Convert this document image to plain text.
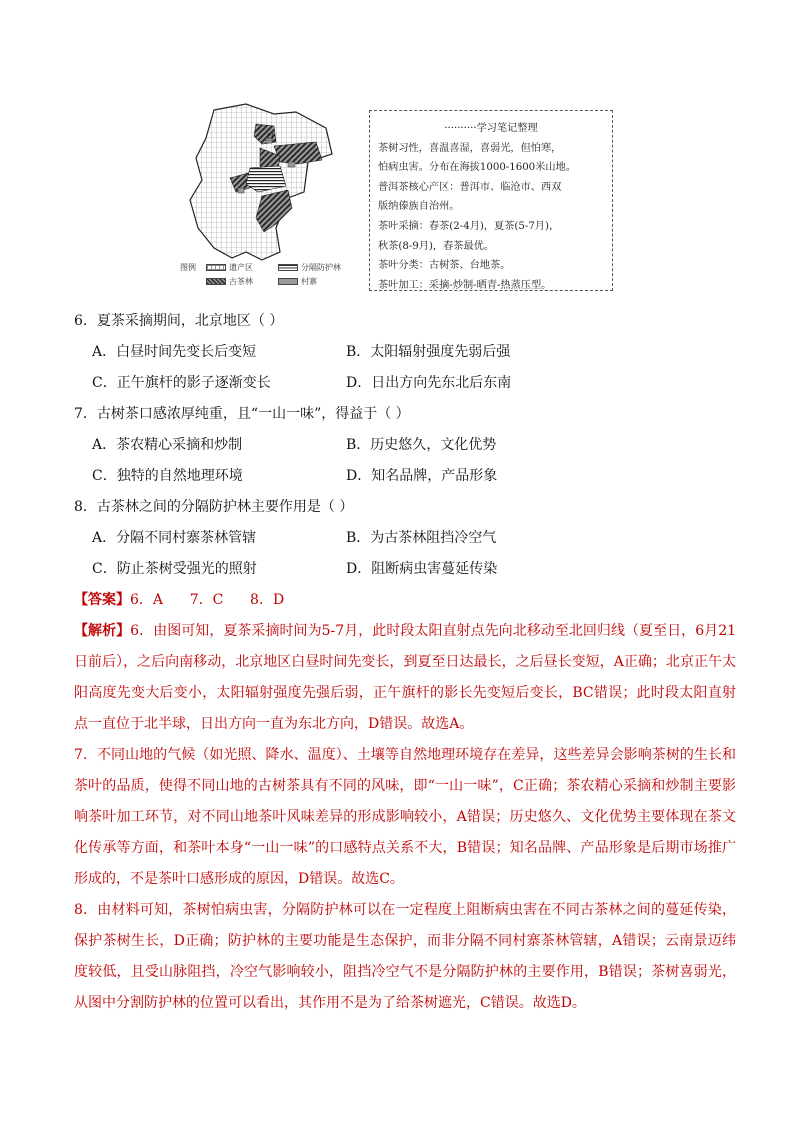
旦
图例	遗产区	分隔防护林
古茶林	村寨

··········学习笔记整理

茶树习性，喜温喜湿，喜弱光，但怕寒，

怕病虫害。分布在海拔1000-1600米山地。

普洱茶核心产区：普洱市、临沧市、西双

版纳傣族自治州。

茶叶采摘：春茶(2-4月)，夏茶(5-7月)，

秋茶(8-9月)，春茶最优。

茶叶分类：古树茶、台地茶。

茶叶加工：采摘-炒制-晒青-热蒸压型。

6．夏茶采摘期间，北京地区（ ）
A．白昼时间先变长后变短	B．太阳辐射强度先弱后强
C．正午旗杆的影子逐渐变长	D．日出方向先东北后东南
7．古树茶口感浓厚纯重，且“一山一味”，得益于（ ）
A．茶农精心采摘和炒制	B．历史悠久，文化优势
C．独特的自然地理环境	D．知名品牌，产品形象
8．古茶林之间的分隔防护林主要作用是（ ）
A．分隔不同村寨茶林管辖	B．为古茶林阻挡冷空气
C．防止茶树受强光的照射	D．阻断病虫害蔓延传染
【答案】6．A      7．C      8．D

【解析】6．由图可知，夏茶采摘时间为5-7月，此时段太阳直射点先向北移动至北回归线（夏至日，6月21日前后），之后向南移动，北京地区白昼时间先变长，到夏至日达最长，之后昼长变短，A正确；北京正午太阳高度先变大后变小，太阳辐射强度先强后弱，正午旗杆的影长先变短后变长，BC错误；此时段太阳直射点一直位于北半球，日出方向一直为东北方向，D错误。故选A。

7．不同山地的气候（如光照、降水、温度）、土壤等自然地理环境存在差异，这些差异会影响茶树的生长和茶叶的品质，使得不同山地的古树茶具有不同的风味，即“一山一味”，C正确；茶农精心采摘和炒制主要影响茶叶加工环节，对不同山地茶叶风味差异的形成影响较小，A错误；历史悠久、文化优势主要体现在茶文化传承等方面，和茶叶本身“一山一味”的口感特点关系不大，B错误；知名品牌、产品形象是后期市场推广形成的，不是茶叶口感形成的原因，D错误。故选C。

8．由材料可知，茶树怕病虫害，分隔防护林可以在一定程度上阻断病虫害在不同古茶林之间的蔓延传染，保护茶树生长，D正确；防护林的主要功能是生态保护，而非分隔不同村寨茶林管辖，A错误；云南景迈纬度较低，且受山脉阻挡，冷空气影响较小，阻挡冷空气不是分隔防护林的主要作用，B错误；茶树喜弱光，从图中分割防护林的位置可以看出，其作用不是为了给茶树遮光，C错误。故选D。
